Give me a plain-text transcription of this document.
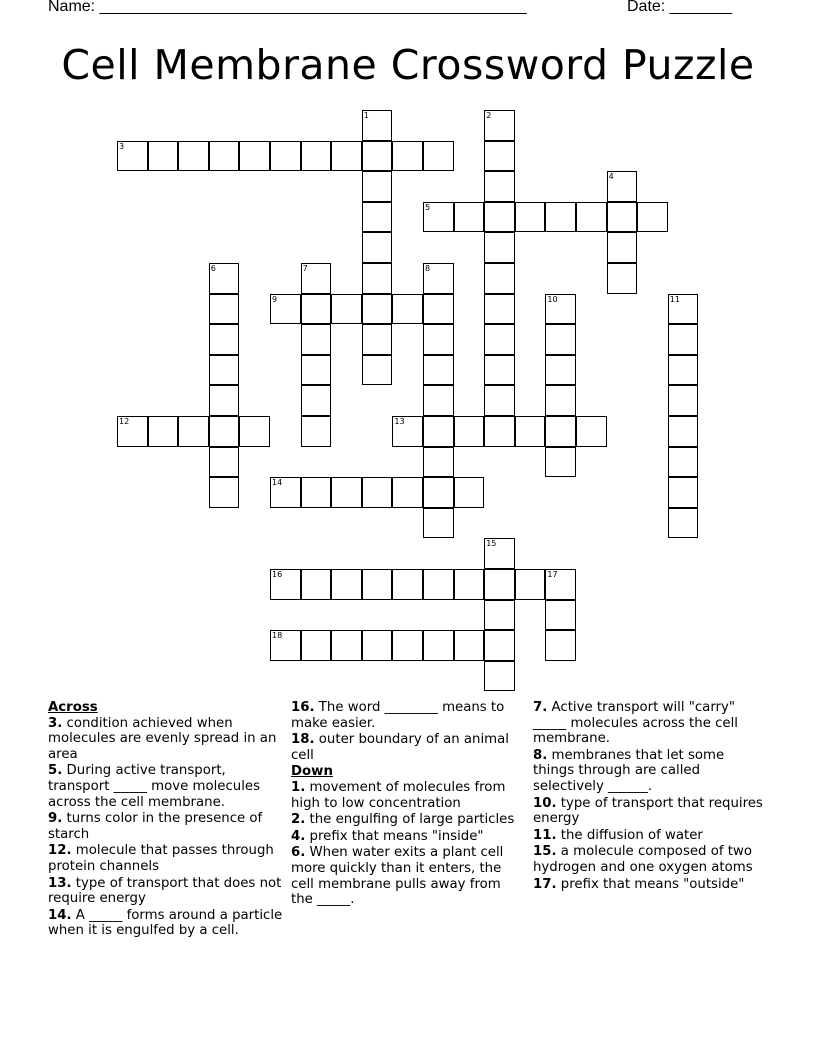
Name: ________________________________________________	Date: _______
Cell Membrane Crossword Puzzle
1	2
3
4
5
6	7	8
9	10	11
12	13
14
15
16	17
18
Across
3. condition achieved when molecules are evenly spread in an area
5. During active transport, transport _____ move molecules across the cell membrane.
9. turns color in the presence of starch
12. molecule that passes through protein channels
13. type of transport that does not require energy
14. A _____ forms around a particle when it is engulfed by a cell.
16. The word ________ means to make easier.
18. outer boundary of an animal cell
Down
1. movement of molecules from high to low concentration
2. the engulfing of large particles
4. prefix that means "inside"
6. When water exits a plant cell more quickly than it enters, the cell membrane pulls away from the _____.
7. Active transport will "carry" _____ molecules across the cell membrane.
8. membranes that let some things through are called selectively ______.
10. type of transport that requires energy
11. the diffusion of water
15. a molecule composed of two hydrogen and one oxygen atoms
17. prefix that means "outside"
